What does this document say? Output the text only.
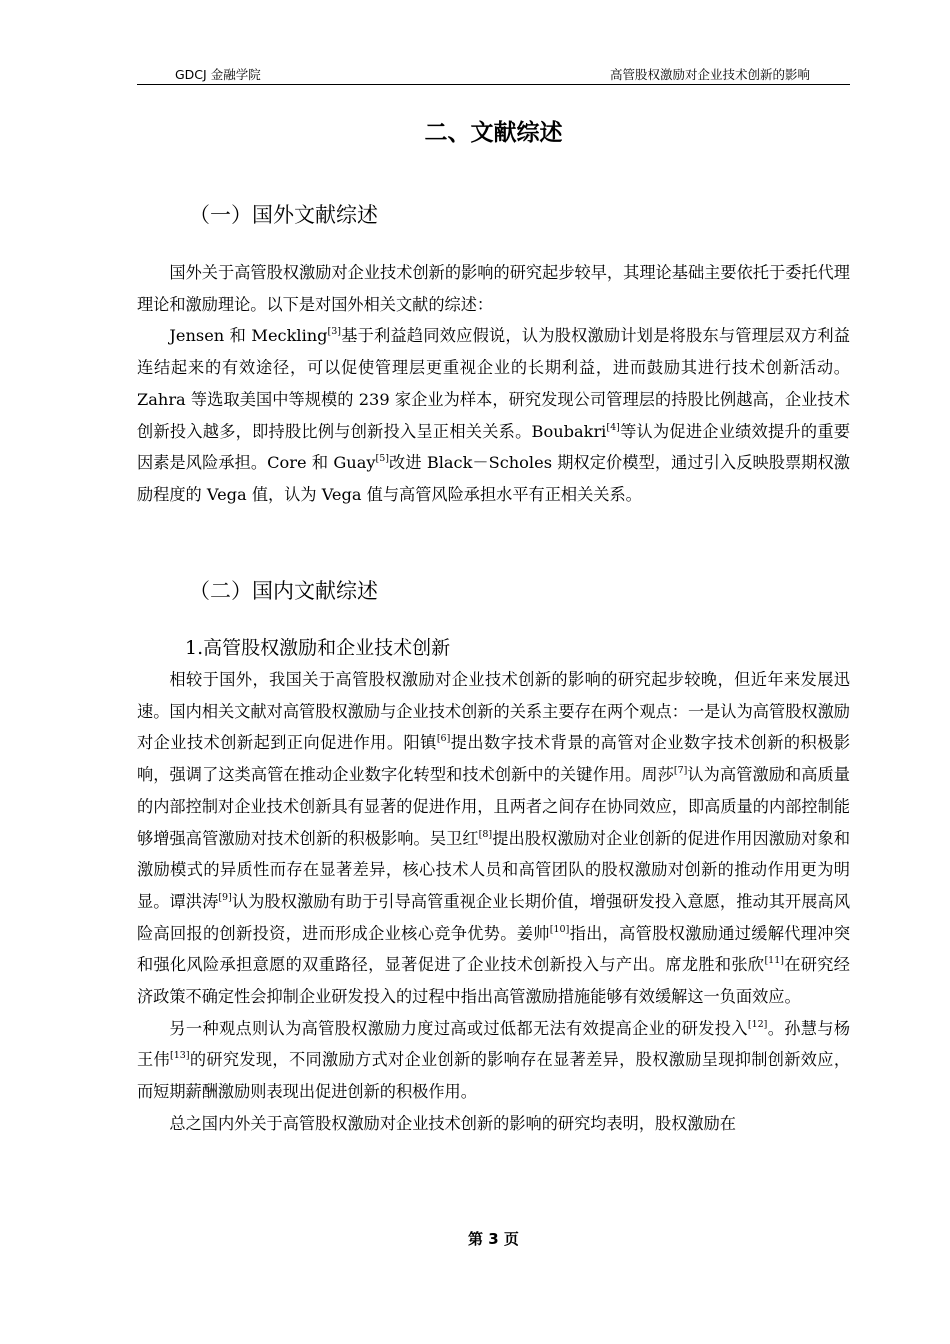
GDCJ 金融学院	高管股权激励对企业技术创新的影响
二、文献综述
（一）国外文献综述

国外关于高管股权激励对企业技术创新的影响的研究起步较早，其理论基础主要依托于委托代理理论和激励理论。以下是对国外相关文献的综述：

Jensen 和 Meckling[3]基于利益趋同效应假说，认为股权激励计划是将股东与管理层双方利益连结起来的有效途径，可以促使管理层更重视企业的长期利益，进而鼓励其进行技术创新活动。Zahra 等选取美国中等规模的 239 家企业为样本，研究发现公司管理层的持股比例越高，企业技术创新投入越多，即持股比例与创新投入呈正相关关系。Boubakri[4]等认为促进企业绩效提升的重要因素是风险承担。Core 和 Guay[5]改进 Black－Scholes 期权定价模型，通过引入反映股票期权激励程度的 Vega 值，认为 Vega 值与高管风险承担水平有正相关关系。

（二）国内文献综述
1.高管股权激励和企业技术创新

相较于国外，我国关于高管股权激励对企业技术创新的影响的研究起步较晚，但近年来发展迅速。国内相关文献对高管股权激励与企业技术创新的关系主要存在两个观点：一是认为高管股权激励对企业技术创新起到正向促进作用。阳镇[6]提出数字技术背景的高管对企业数字技术创新的积极影响，强调了这类高管在推动企业数字化转型和技术创新中的关键作用。周莎[7]认为高管激励和高质量的内部控制对企业技术创新具有显著的促进作用，且两者之间存在协同效应，即高质量的内部控制能够增强高管激励对技术创新的积极影响。吴卫红[8]提出股权激励对企业创新的促进作用因激励对象和激励模式的异质性而存在显著差异，核心技术人员和高管团队的股权激励对创新的推动作用更为明显。谭洪涛[9]认为股权激励有助于引导高管重视企业长期价值，增强研发投入意愿，推动其开展高风险高回报的创新投资，进而形成企业核心竞争优势。姜帅[10]指出，高管股权激励通过缓解代理冲突和强化风险承担意愿的双重路径，显著促进了企业技术创新投入与产出。席龙胜和张欣[11]在研究经济政策不确定性会抑制企业研发投入的过程中指出高管激励措施能够有效缓解这一负面效应。

另一种观点则认为高管股权激励力度过高或过低都无法有效提高企业的研发投入[12]。孙慧与杨王伟[13]的研究发现，不同激励方式对企业创新的影响存在显著差异，股权激励呈现抑制创新效应，而短期薪酬激励则表现出促进创新的积极作用。

总之国内外关于高管股权激励对企业技术创新的影响的研究均表明，股权激励在

第 3 页
